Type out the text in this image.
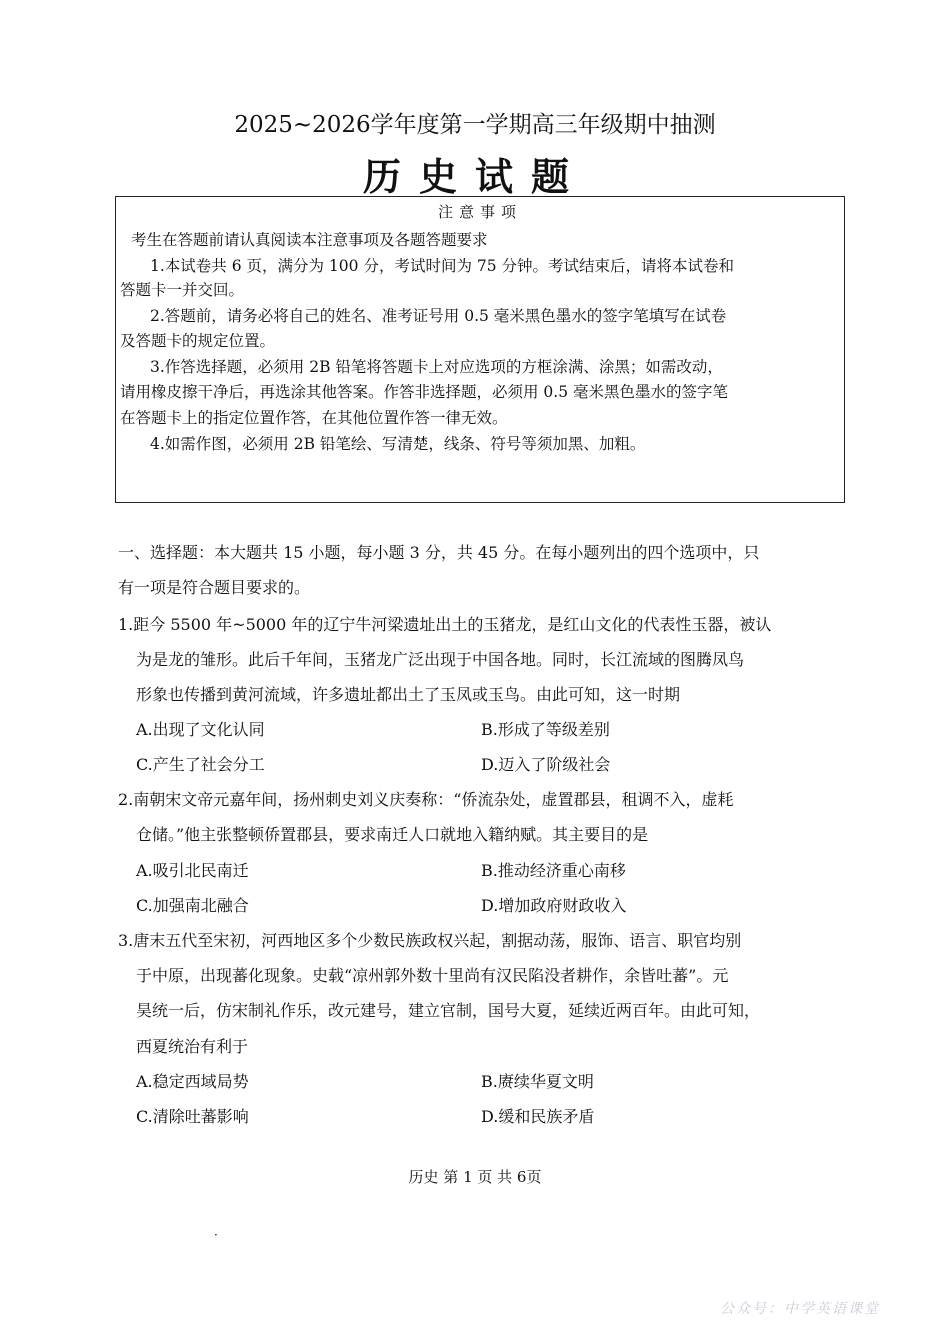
2025~2026学年度第一学期高三年级期中抽测
历史试题
注意事项
考生在答题前请认真阅读本注意事项及各题答题要求
1.本试卷共 6 页，满分为 100 分，考试时间为 75 分钟。考试结束后，请将本试卷和
答题卡一并交回。
2.答题前，请务必将自己的姓名、准考证号用 0.5 毫米黑色墨水的签字笔填写在试卷
及答题卡的规定位置。
3.作答选择题，必须用 2B 铅笔将答题卡上对应选项的方框涂满、涂黑；如需改动，
请用橡皮擦干净后，再选涂其他答案。作答非选择题，必须用 0.5 毫米黑色墨水的签字笔
在答题卡上的指定位置作答，在其他位置作答一律无效。
4.如需作图，必须用 2B 铅笔绘、写清楚，线条、符号等须加黑、加粗。
一、选择题：本大题共 15 小题，每小题 3 分，共 45 分。在每小题列出的四个选项中，只
有一项是符合题目要求的。
1.距今 5500 年~5000 年的辽宁牛河梁遗址出土的玉猪龙，是红山文化的代表性玉器，被认
为是龙的雏形。此后千年间，玉猪龙广泛出现于中国各地。同时，长江流域的图腾凤鸟
形象也传播到黄河流域，许多遗址都出土了玉凤或玉鸟。由此可知，这一时期
A.出现了文化认同	B.形成了等级差别
C.产生了社会分工	D.迈入了阶级社会
2.南朝宋文帝元嘉年间，扬州刺史刘义庆奏称：“侨流杂处，虚置郡县，租调不入，虚耗
仓储。”他主张整顿侨置郡县，要求南迁人口就地入籍纳赋。其主要目的是
A.吸引北民南迁	B.推动经济重心南移
C.加强南北融合	D.增加政府财政收入
3.唐末五代至宋初，河西地区多个少数民族政权兴起，割据动荡，服饰、语言、职官均别
于中原，出现蕃化现象。史载“凉州郭外数十里尚有汉民陷没者耕作，余皆吐蕃”。元
昊统一后，仿宋制礼作乐，改元建号，建立官制，国号大夏，延续近两百年。由此可知，
西夏统治有利于
A.稳定西域局势	B.赓续华夏文明
C.清除吐蕃影响	D.缓和民族矛盾
历史 第 1 页 共 6页
·
公众号：中学英语课堂
